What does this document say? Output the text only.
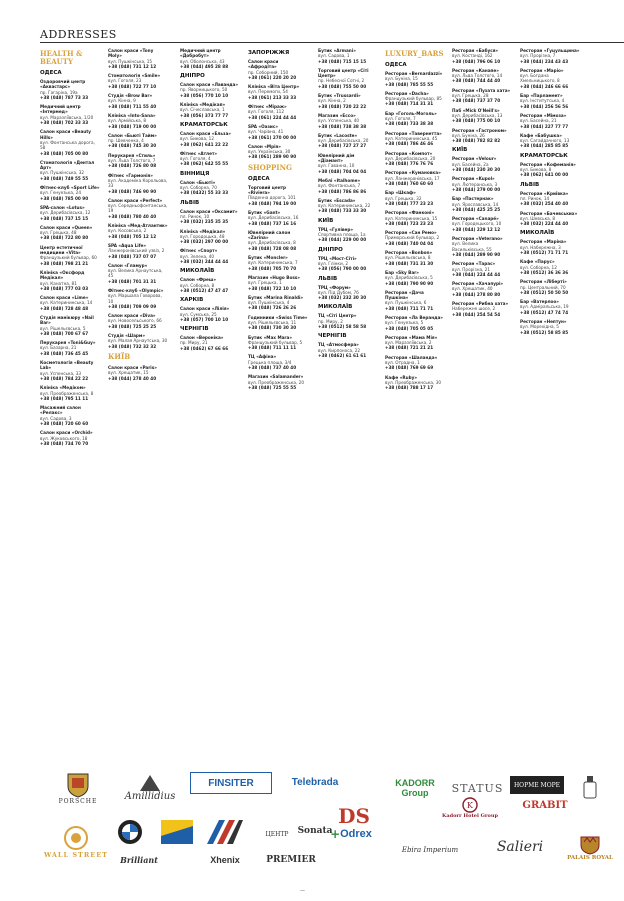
ADDRESSES
HEALTH & BEAUTY
ОДЕСА
Оздоровчий центр «Аквастарс»
пр. Гагаріна, 19а
+38 (048) 787 73 33
Медичний центр «Інтермед»
вул. Маразліївська, 1/20
+38 (048) 702 33 33
Салон краси «Beauty Hills»
вул. Фонтанська дорога, 58
+38 (048) 705 00 80
Стоматологія «Дентал Арт»
вул. Пушкінська, 32
+38 (048) 749 55 55
Фітнес-клуб «Sport Life»
вул. Генуезька, 24
+38 (048) 785 00 90
SPA-салон «Lotus»
вул. Дерибасівська, 12
+38 (048) 737 15 15
Салон краси «Queen»
вул. Грецька, 48
+38 (048) 722 80 80
Центр естетичної медицини «Vita»
Французький бульвар, 60
+38 (048) 798 21 21
Клініка «Оксфорд Медікал»
вул. Канатна, 81
+38 (048) 777 03 03
Салон краси «Lime»
вул. Катерининська, 14
+38 (048) 728 48 48
Студія манікюру «Nail Bar»
вул. Рішельєвська, 5
+38 (048) 700 67 67
Перукарня «Toni&Guy»
вул. Базарна, 21
+38 (048) 736 45 45
Косметологія «Beauty Lab»
вул. Успенська, 33
+38 (048) 784 22 22
Клініка «Медіком»
вул. Преображенська, 8
+38 (048) 795 11 11
Масажний салон «Релакс»
вул. Садова, 3
+38 (048) 720 60 60
Салон краси «Orchid»
вул. Жуковського, 18
+38 (048) 734 70 70
Салон краси «Tony Moly»
вул. Пушкінська, 15
+38 (048) 731 12 12
Стоматологія «Smile»
вул. Гоголя, 23
+38 (048) 722 77 10
Студія «Brow Bar»
вул. Кінна, 9
+38 (048) 711 55 40
Клініка «Into-Sana»
вул. Армійська, 8
+38 (048) 719 00 00
Салон «Бьюті Тайм»
пр. Шевченка, 4
+38 (048) 745 30 30
Перукарня «Стиль»
вул. Льва Толстого, 7
+38 (048) 726 80 08
Фітнес «Гармонія»
вул. Академіка Корольова, 33
+38 (048) 746 90 90
Салон краси «Perfect»
вул. Середньофонтанська, 19
+38 (048) 780 40 40
Клініка «Мед-Атлантик»
вул. Косовська, 2
+38 (048) 705 12 12
SPA «Aqua Life»
Ланжеронівський узвіз, 2
+38 (048) 737 07 07
Салон «Гламур»
вул. Велика Арнаутська, 45
+38 (048) 701 31 31
Фітнес-клуб «Olympic»
вул. Маршала Говорова, 10
+38 (048) 709 09 09
Салон краси «Diva»
вул. Новосельського, 66
+38 (048) 725 25 25
Студія «Шарм»
вул. Малая Арнаутська, 30
+38 (048) 732 32 32
КИЇВ
Салон краси «Paris»
вул. Хрещатик, 15
+38 (044) 278 40 40
Медичний центр «Добробут»
вул. Оболонська, 43
+38 (044) 495 28 88
ДНІПРО
Салон краси «Лаванда»
пр. Яворницького, 50
+38 (056) 770 10 10
Клініка «Медікап»
вул. Січеславська, 1
+38 (056) 373 77 77
КРАМАТОРСЬК
Салон краси «Ельза»
вул. Бикова, 12
+38 (062) 641 22 22
Фітнес «Атлет»
вул. Гоголя, 4
+38 (062) 642 55 55
ВІННИЦЯ
Салон «Бьюті»
вул. Соборна, 70
+38 (0432) 55 33 33
ЛЬВІВ
Салон краси «Оксамит»
пл. Ринок, 10
+38 (032) 235 35 35
Клініка «Медікал»
вул. Городоцька, 48
+38 (032) 297 00 00
Фітнес «Спорт»
вул. Зелена, 40
+38 (032) 244 44 44
МИКОЛАЇВ
Салон «Фреш»
вул. Соборна, 8
+38 (0512) 47 47 47
ХАРКІВ
Салон краси «Лілія»
вул. Сумська, 25
+38 (057) 700 10 10
ЧЕРНІГІВ
Салон «Вероніка»
пр. Миру, 21
+38 (0462) 67 66 66
ЗАПОРІЖЖЯ
Салон краси «Афродіта»
пр. Соборний, 150
+38 (061) 220 20 20
Клініка «Віта Центр»
вул. Перемоги, 54
+38 (061) 213 33 33
Фітнес «Міраж»
вул. Гоголя, 112
+38 (061) 224 44 44
SPA «Оазис»
вул. Чарівна, 41
+38 (061) 270 00 00
Салон «Мрія»
вул. Українська, 30
+38 (061) 289 90 90
SHOPPING
ОДЕСА
Торговий центр «Riviera»
Південна дорога, 101
+38 (048) 794 19 00
Бутик «Gant»
вул. Дерибасівська, 16
+38 (048) 737 16 16
Ювелірний салон «Zarina»
вул. Дерибасівська, 8
+38 (048) 728 08 08
Бутик «Moncler»
вул. Катерининська, 7
+38 (048) 705 70 70
Магазин «Hugo Boss»
вул. Грецька, 1
+38 (048) 722 10 10
Бутик «Marina Rinaldi»
вул. Пушкінська, 4
+38 (048) 726 26 26
Годинники «Swiss Time»
вул. Рішельєвська, 11
+38 (048) 730 30 30
Бутик «Max Mara»
Французький бульвар, 5
+38 (048) 711 11 11
ТЦ «Афіна»
Грецька площа, 3/4
+38 (048) 737 40 40
Магазин «Salamander»
вул. Преображенська, 20
+38 (048) 725 55 55
Бутик «Armani»
вул. Садова, 1
+38 (048) 715 15 15
Торговий центр «Сіті Центр»
пр. Небесної Сотні, 2
+38 (048) 755 50 00
Бутик «Trussardi»
вул. Кінна, 2
+38 (048) 720 22 22
Магазин «Ecco»
вул. Успенська, 40
+38 (048) 738 38 38
Бутик «Lacoste»
вул. Дерибасівська, 20
+38 (048) 727 27 27
Ювелірний дім «Діамант»
вул. Гаванна, 10
+38 (048) 704 04 04
Меблі «Italhome»
вул. Фонтанська, 7
+38 (048) 786 86 86
Бутик «Escada»
вул. Катерининська, 22
+38 (048) 733 33 30
КИЇВ
ТРЦ «Гулівер»
Спортивна площа, 1а
+38 (044) 229 00 00
ДНІПРО
ТРЦ «Мост-Сіті»
вул. Глінки, 2
+38 (056) 790 00 00
ЛЬВІВ
ТРЦ «Форум»
вул. Під Дубом, 7б
+38 (032) 232 30 30
МИКОЛАЇВ
ТЦ «Сіті Центр»
пр. Миру, 2
+38 (0512) 58 58 58
ЧЕРНІГІВ
ТЦ «Атмосфера»
вул. Кирпоноса, 22
+38 (0462) 61 61 61
LUXURY_BARS
ОДЕСА
Ресторан «Bernardazzi»
вул. Бунiна, 15
+38 (048) 785 55 55
Ресторан «Dacha»
Французький бульвар, 85
+38 (048) 714 31 31
Бар «Гоголь-Моголь»
вул. Гоголя, 7
+38 (048) 733 38 38
Ресторан «Тавернетта»
вул. Катерининська, 45
+38 (048) 786 46 46
Ресторан «Компот»
вул. Дерибасівська, 20
+38 (048) 776 76 76
Ресторан «Кумановка»
вул. Ланжеронівська, 17
+38 (048) 760 60 60
Бар «Шкаф»
вул. Грецька, 32
+38 (048) 777 23 23
Ресторан «Фанконi»
вул. Катерининська, 15
+38 (048) 723 23 23
Ресторан «Сан Ремо»
Приморський бульвар, 2
+38 (048) 740 04 04
Ресторан «Bonbon»
вул. Рішельєвська, 8
+38 (048) 731 31 30
Бар «Sky Bar»
вул. Дерибасівська, 5
+38 (048) 790 90 90
Ресторан «Дача Пушкіна»
вул. Пушкінська, 6
+38 (048) 711 71 71
Ресторан «Ла Веранда»
вул. Генуезька, 5
+38 (048) 705 05 05
Ресторан «Мама Мія»
вул. Маразліївська, 2
+38 (048) 721 21 21
Ресторан «Шаланда»
вул. Отрадна, 1
+38 (048) 769 69 69
Кафе «Ruby»
вул. Преображенська, 30
+38 (048) 788 17 17
Ресторан «Бабуся»
вул. Костанді, 162
+38 (048) 796 06 10
Ресторан «Канапе»
вул. Льва Толстого, 14
+38 (048) 744 44 40
Ресторан «Пузата хата»
вул. Грецька, 28
+38 (048) 737 37 70
Паб «Mick O'Neill's»
вул. Дерибасівська, 13
+38 (048) 775 00 10
Ресторан «Гастроном»
вул. Бунiна, 26
+38 (048) 782 82 82
КИЇВ
Ресторан «Velour»
вул. Басейна, 2а
+38 (044) 230 30 30
Ресторан «Kupol»
вул. Лютеранська, 3
+38 (044) 279 00 00
Бар «Пастернак»
вул. Ярославська, 14
+38 (044) 425 25 25
Ресторан «Canapé»
вул. Городецького, 10
+38 (044) 229 12 12
Ресторан «Veterano»
вул. Велика Васильківська, 55
+38 (044) 289 90 90
Ресторан «Тарас»
вул. Прорізна, 21
+38 (044) 224 44 44
Ресторан «Хачапурі»
вул. Хрещатик, 40
+38 (044) 278 80 80
Ресторан «Рибна хата»
Набережне шосе, 2
+38 (044) 254 54 54
Ресторан «Гуцульщина»
вул. Прорізна, 7
+38 (044) 234 43 43
Ресторан «Маріо»
вул. Богдана Хмельницького, 8
+38 (044) 246 66 66
Бар «Парламент»
вул. Інститутська, 4
+38 (044) 256 56 56
Ресторан «Мімоза»
вул. Басейна, 21
+38 (044) 227 77 77
Кафе «Бабушка»
вул. Сагайдачного, 13
+38 (044) 285 85 85
КРАМАТОРСЬК
Ресторан «Кофеманія»
вул. Бикова, 8
+38 (062) 641 00 00
ЛЬВІВ
Ресторан «Криївка»
пл. Ринок, 14
+38 (032) 254 40 40
Ресторан «Бачевських»
вул. Шевська, 8
+38 (032) 224 44 40
МИКОЛАЇВ
Ресторан «Маріна»
вул. Набережна, 3
+38 (0512) 71 71 71
Кафе «Парус»
вул. Соборна, 12
+38 (0512) 36 36 36
Ресторан «Ліберті»
пр. Центральний, 70
+38 (0512) 50 50 50
Бар «Ватерлоо»
вул. Адміральська, 19
+38 (0512) 47 74 74
Ресторан «Нептун»
вул. Морехідна, 5
+38 (0512) 58 85 85
PORSCHE	Amillidius
FINSITER	Telebrada	KADORR Group	STATUS НОРМЕ МОРЕ
WALL STREET Brilliant	Xhenix
ЦЕНТР
PREMIER
Sonata
DS
+ Odrex
Ebira Imperium
K
Kadorr Hotel Group
Salieri
GRABIT
PALAIS ROYAL
—
